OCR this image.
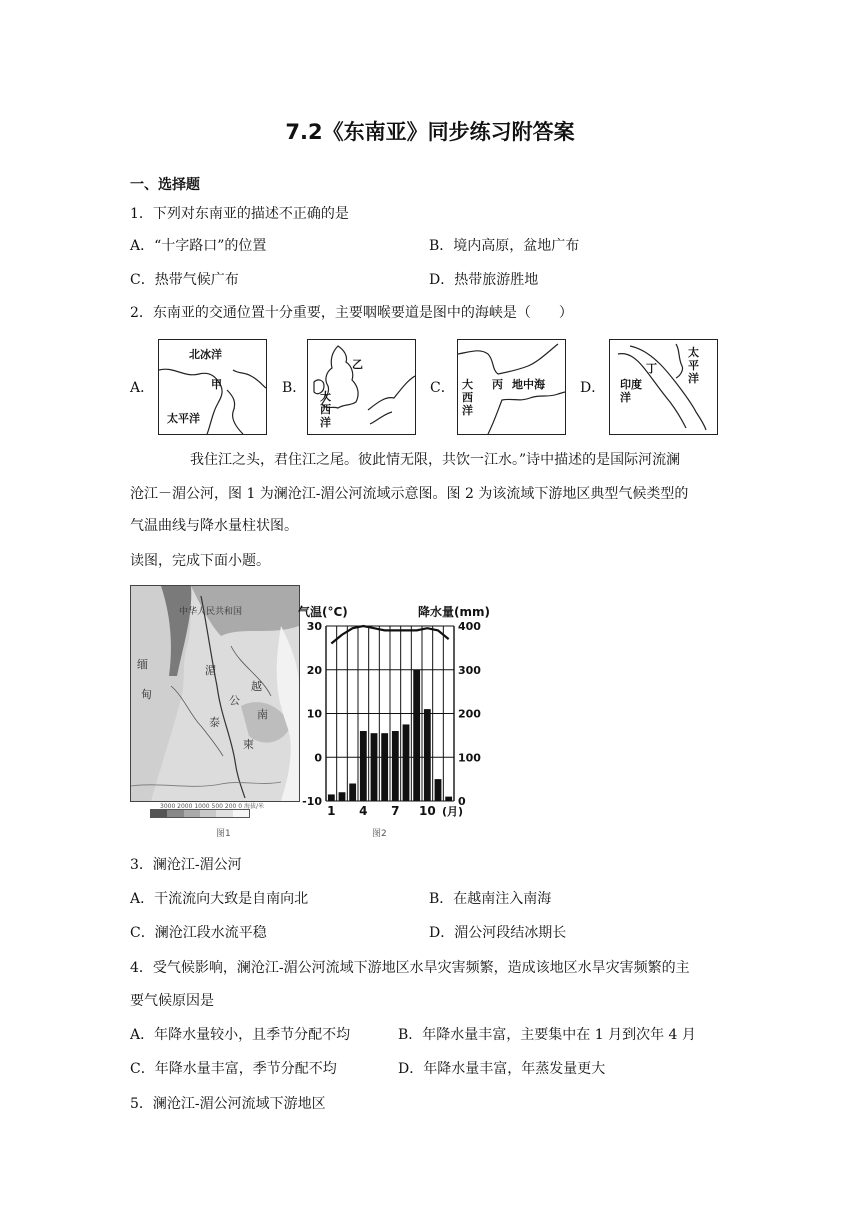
7.2《东南亚》同步练习附答案
一、选择题
1．下列对东南亚的描述不正确的是
A．“十字路口”的位置	B．境内高原，盆地广布
C．热带气候广布	D．热带旅游胜地
2．东南亚的交通位置十分重要，主要咽喉要道是图中的海峡是（　　）
A．
北冰洋
甲
太平洋
B．
乙
大西洋
C． 大西洋
丙 地中海	D．
丁
太平洋
印度洋
我住江之头，君住江之尾。彼此情无限，共饮一江水。”诗中描述的是国际河流澜
沧江－湄公河，图 1 为澜沧江-湄公河流域示意图。图 2 为该流域下游地区典型气候类型的
气温曲线与降水量柱状图。
读图，完成下面小题。
中华人民共和国
缅
甸
湄
泰
公
柬
越
南
3000 2000 1000 500 200 0 海拔/米
图1
气温(°C)	降水量(mm)
30	400
20	300
10	200
0	100
-10	0
1 4 7 10 (月)
图2
3．澜沧江-湄公河
A．干流流向大致是自南向北	B．在越南注入南海
C．澜沧江段水流平稳	D．湄公河段结冰期长
4．受气候影响，澜沧江-湄公河流域下游地区水旱灾害频繁，造成该地区水旱灾害频繁的主
要气候原因是
A．年降水量较小，且季节分配不均	B．年降水量丰富，主要集中在 1 月到次年 4 月
C．年降水量丰富，季节分配不均	D．年降水量丰富，年蒸发量更大
5．澜沧江-湄公河流域下游地区
